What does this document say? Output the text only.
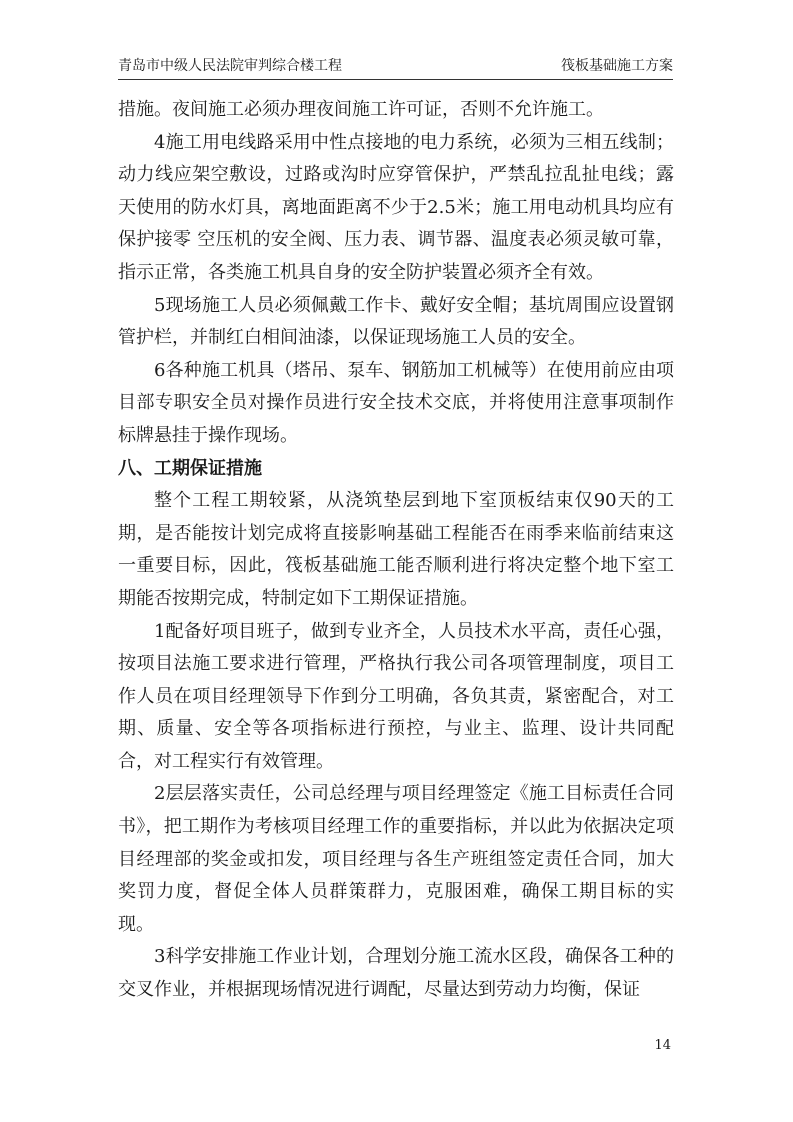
青岛市中级人民法院审判综合楼工程	筏板基础施工方案

措施。夜间施工必须办理夜间施工许可证，否则不允许施工。

4施工用电线路采用中性点接地的电力系统，必须为三相五线制；动力线应架空敷设，过路或沟时应穿管保护，严禁乱拉乱扯电线；露天使用的防水灯具，离地面距离不少于2.5米；施工用电动机具均应有保护接零 空压机的安全阀、压力表、调节器、温度表必须灵敏可靠，指示正常，各类施工机具自身的安全防护装置必须齐全有效。

5现场施工人员必须佩戴工作卡、戴好安全帽；基坑周围应设置钢管护栏，并制红白相间油漆，以保证现场施工人员的安全。

6各种施工机具（塔吊、泵车、钢筋加工机械等）在使用前应由项目部专职安全员对操作员进行安全技术交底，并将使用注意事项制作标牌悬挂于操作现场。

八、工期保证措施

整个工程工期较紧，从浇筑垫层到地下室顶板结束仅90天的工期，是否能按计划完成将直接影响基础工程能否在雨季来临前结束这一重要目标，因此，筏板基础施工能否顺利进行将决定整个地下室工期能否按期完成，特制定如下工期保证措施。

1配备好项目班子，做到专业齐全，人员技术水平高，责任心强，按项目法施工要求进行管理，严格执行我公司各项管理制度，项目工作人员在项目经理领导下作到分工明确，各负其责，紧密配合，对工期、质量、安全等各项指标进行预控，与业主、监理、设计共同配合，对工程实行有效管理。

2层层落实责任，公司总经理与项目经理签定《施工目标责任合同书》，把工期作为考核项目经理工作的重要指标，并以此为依据决定项目经理部的奖金或扣发，项目经理与各生产班组签定责任合同，加大奖罚力度，督促全体人员群策群力，克服困难，确保工期目标的实现。

3科学安排施工作业计划，合理划分施工流水区段，确保各工种的交叉作业，并根据现场情况进行调配，尽量达到劳动力均衡，保证

14
